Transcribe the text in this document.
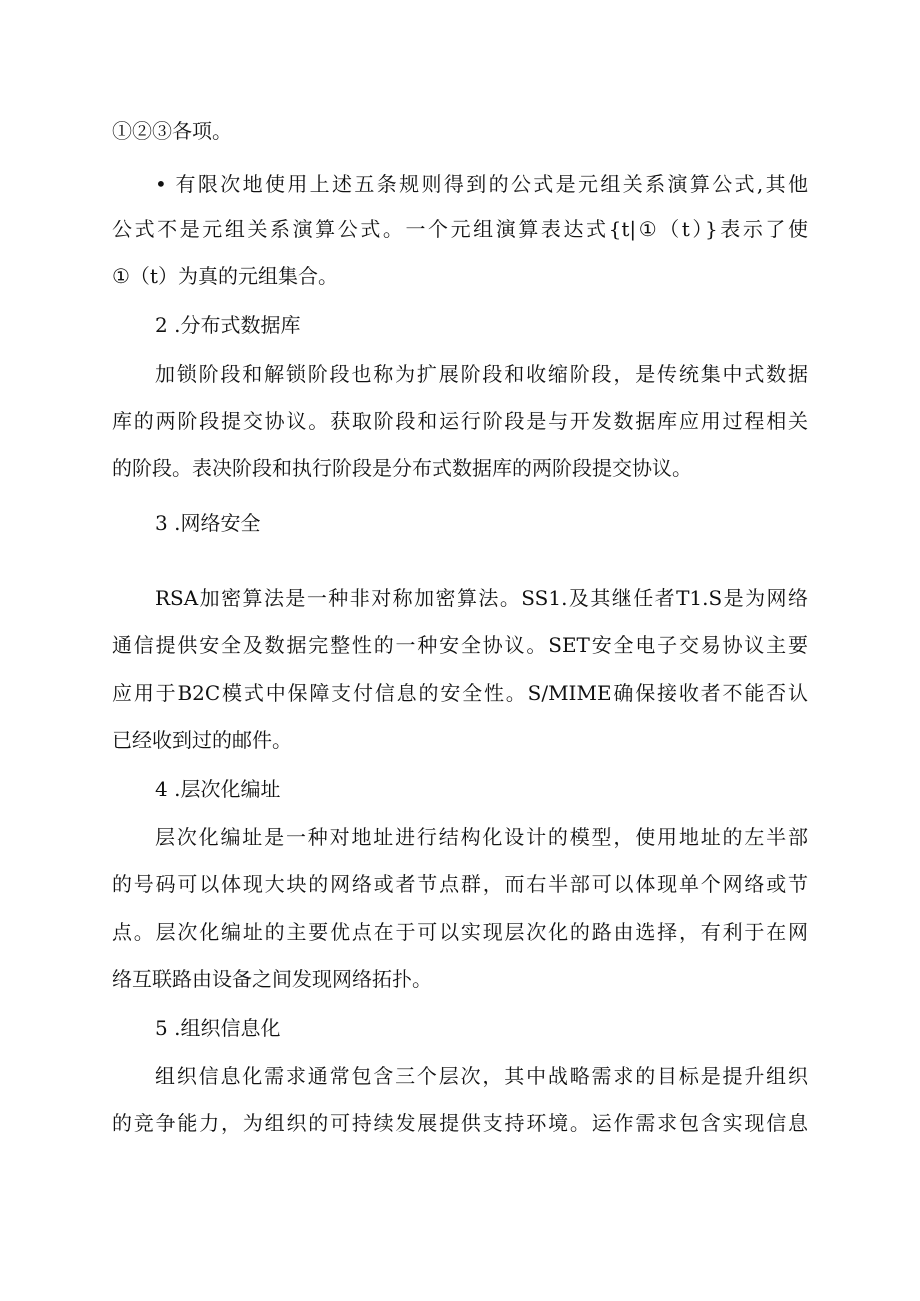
①②③各项。
• 有限次地使用上述五条规则得到的公式是元组关系演算公式,其他
公式不是元组关系演算公式。一个元组演算表达式{t|①（t）}表示了使
①（t）为真的元组集合。
2 .分布式数据库
加锁阶段和解锁阶段也称为扩展阶段和收缩阶段，是传统集中式数据
库的两阶段提交协议。获取阶段和运行阶段是与开发数据库应用过程相关
的阶段。表决阶段和执行阶段是分布式数据库的两阶段提交协议。
3 .网络安全
RSA加密算法是一种非对称加密算法。SS1.及其继任者T1.S是为网络
通信提供安全及数据完整性的一种安全协议。SET安全电子交易协议主要
应用于B2C模式中保障支付信息的安全性。S/MIME确保接收者不能否认
已经收到过的邮件。
4 .层次化编址
层次化编址是一种对地址进行结构化设计的模型，使用地址的左半部
的号码可以体现大块的网络或者节点群，而右半部可以体现单个网络或节
点。层次化编址的主要优点在于可以实现层次化的路由选择，有利于在网
络互联路由设备之间发现网络拓扑。
5 .组织信息化
组织信息化需求通常包含三个层次，其中战略需求的目标是提升组织
的竞争能力，为组织的可持续发展提供支持环境。运作需求包含实现信息
